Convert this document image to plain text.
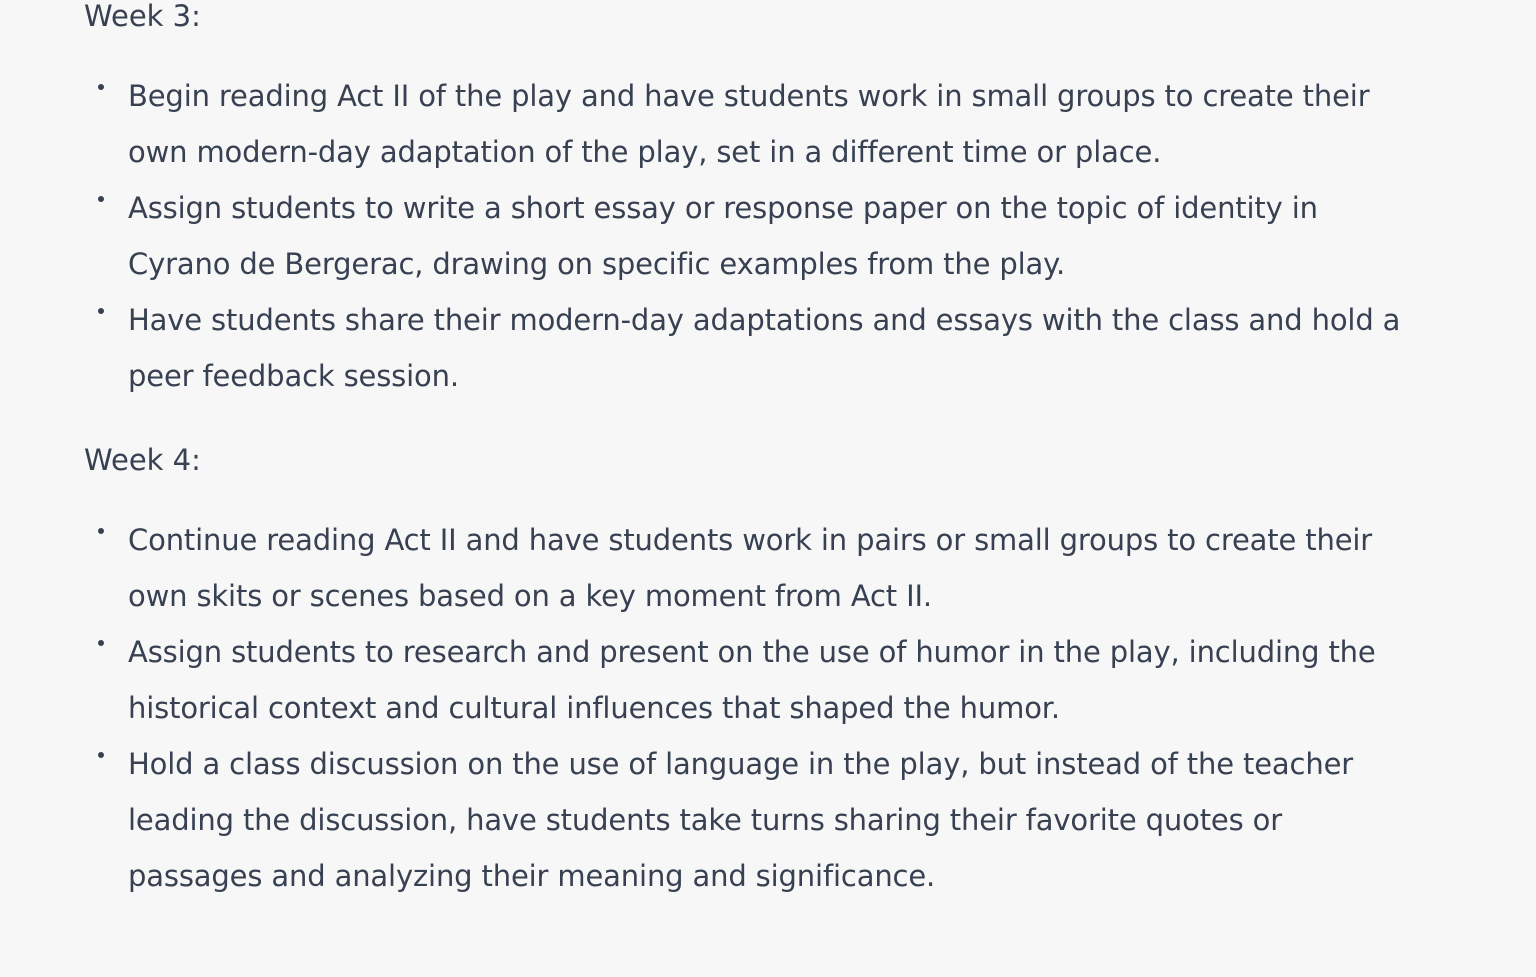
Week 3:

Begin reading Act II of the play and have students work in small groups to create their own modern-day adaptation of the play, set in a different time or place.
Assign students to write a short essay or response paper on the topic of identity in Cyrano de Bergerac, drawing on specific examples from the play.
Have students share their modern-day adaptations and essays with the class and hold a peer feedback session.

Week 4:

Continue reading Act II and have students work in pairs or small groups to create their own skits or scenes based on a key moment from Act II.
Assign students to research and present on the use of humor in the play, including the historical context and cultural influences that shaped the humor.
Hold a class discussion on the use of language in the play, but instead of the teacher leading the discussion, have students take turns sharing their favorite quotes or passages and analyzing their meaning and significance.
